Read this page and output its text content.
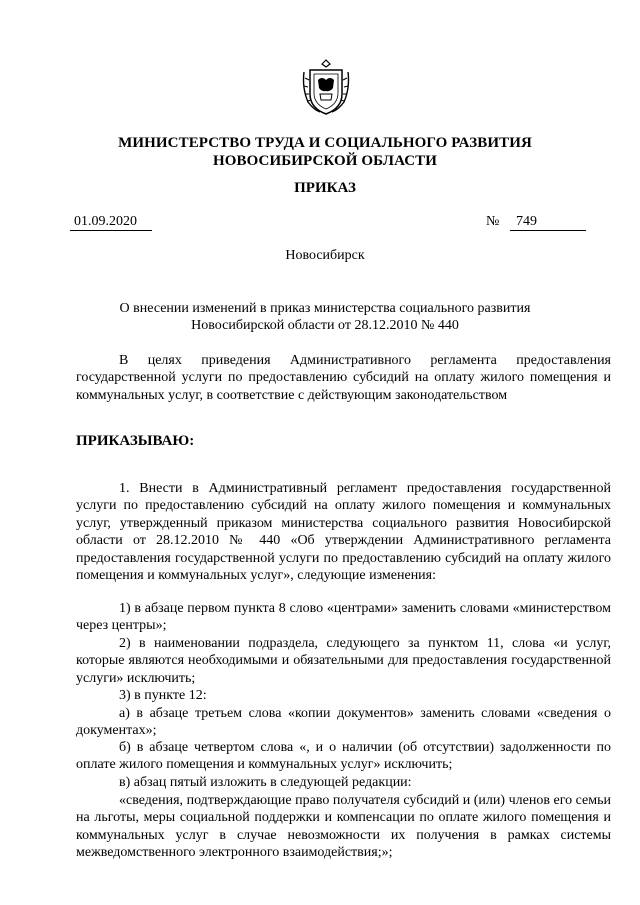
МИНИСТЕРСТВО ТРУДА И СОЦИАЛЬНОГО РАЗВИТИЯ
НОВОСИБИРСКОЙ ОБЛАСТИ
ПРИКАЗ
01.09.2020	№	749
Новосибирск
О внесении изменений в приказ министерства социального развития
Новосибирской области от 28.12.2010 № 440

В целях приведения Административного регламента предоставления государственной услуги по предоставлению субсидий на оплату жилого помещения и коммунальных услуг, в соответствие с действующим законодательством

ПРИКАЗЫВАЮ:

1. Внести в Административный регламент предоставления государственной услуги по предоставлению субсидий на оплату жилого помещения и коммунальных услуг, утвержденный приказом министерства социального развития Новосибирской области от 28.12.2010 № 440 «Об утверждении Административного регламента предоставления государственной услуги по предоставлению субсидий на оплату жилого помещения и коммунальных услуг», следующие изменения:

1) в абзаце первом пункта 8 слово «центрами» заменить словами «министерством через центры»;

2) в наименовании подраздела, следующего за пунктом 11, слова «и услуг, которые являются необходимыми и обязательными для предоставления государственной услуги» исключить;

3) в пункте 12:

а) в абзаце третьем слова «копии документов» заменить словами «сведения о документах»;

б) в абзаце четвертом слова «, и о наличии (об отсутствии) задолженности по оплате жилого помещения и коммунальных услуг» исключить;

в) абзац пятый изложить в следующей редакции:

«сведения, подтверждающие право получателя субсидий и (или) членов его семьи на льготы, меры социальной поддержки и компенсации по оплате жилого помещения и коммунальных услуг в случае невозможности их получения в рамках системы межведомственного электронного взаимодействия;»;
